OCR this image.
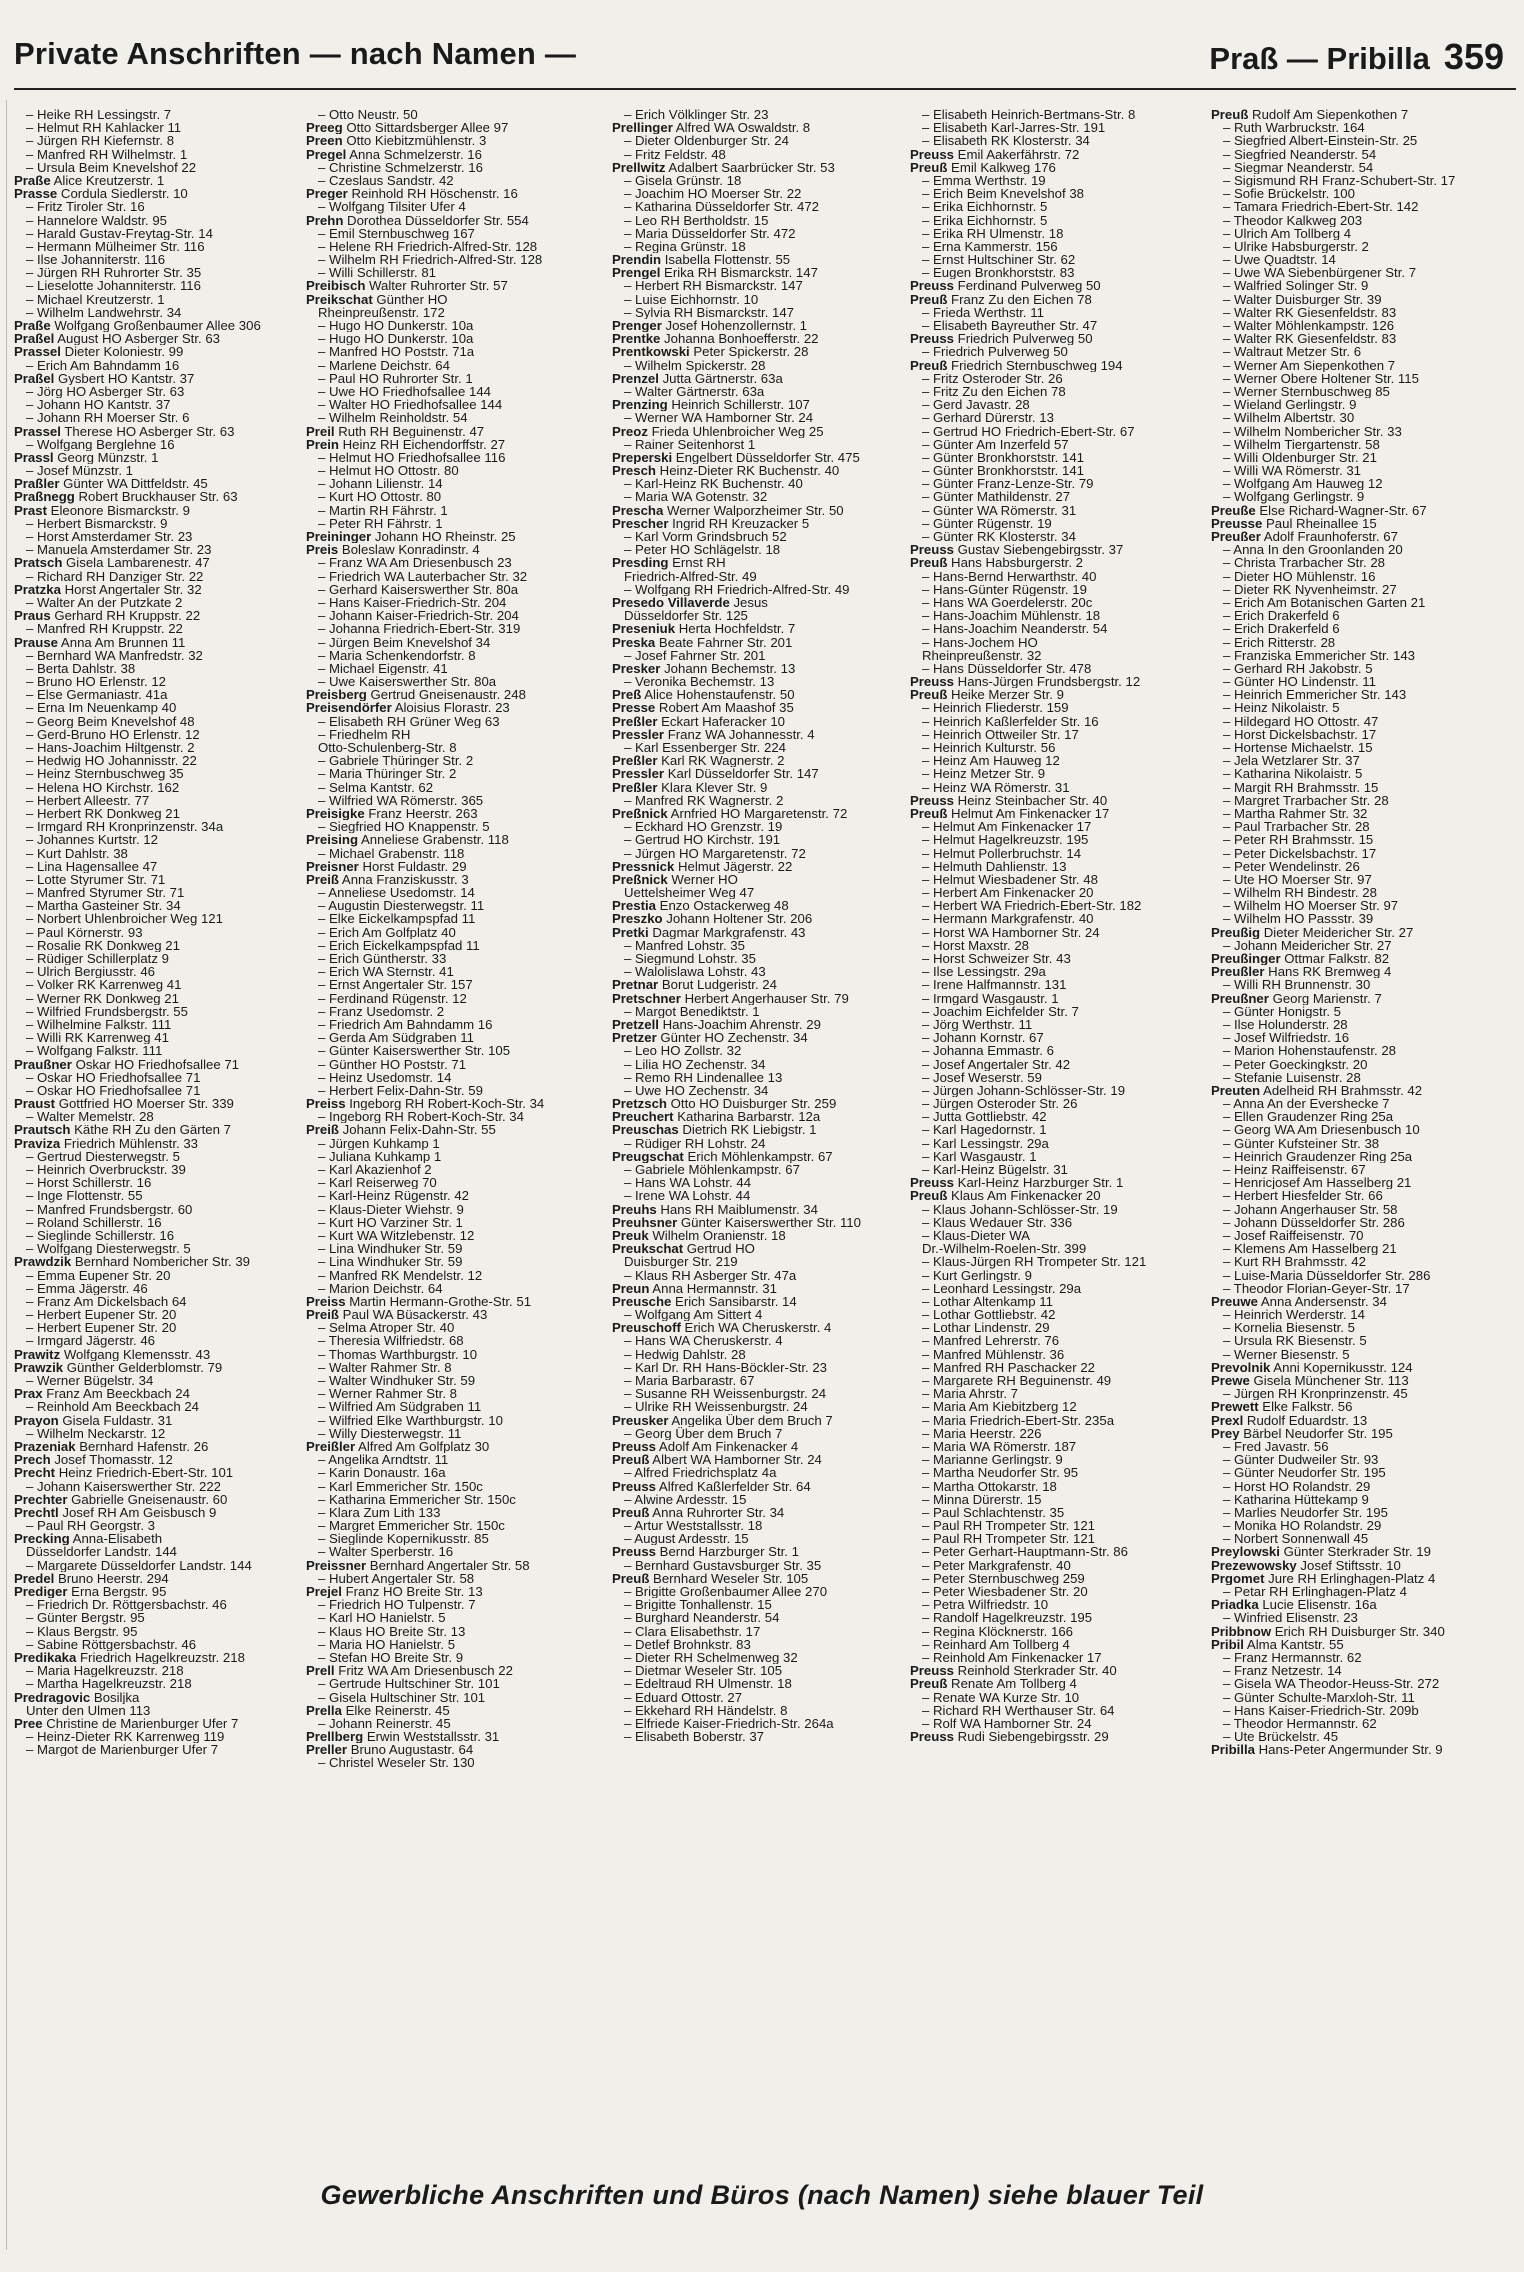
Private Anschriften — nach Namen —	Praß — Pribilla 359
– Heike RH Lessingstr. 7
– Helmut RH Kahlacker 11
– Jürgen RH Kiefernstr. 8
– Manfred RH Wilhelmstr. 1
– Ursula Beim Knevelshof 22
Praße Alice Kreutzerstr. 1
Prasse Cordula Siedlerstr. 10
– Fritz Tiroler Str. 16
– Hannelore Waldstr. 95
– Harald Gustav-Freytag-Str. 14
– Hermann Mülheimer Str. 116
– Ilse Johanniterstr. 116
– Jürgen RH Ruhrorter Str. 35
– Lieselotte Johanniterstr. 116
– Michael Kreutzerstr. 1
– Wilhelm Landwehrstr. 34
Praße Wolfgang Großenbaumer Allee 306
Praßel August HO Asberger Str. 63
Prassel Dieter Koloniestr. 99
– Erich Am Bahndamm 16
Praßel Gysbert HO Kantstr. 37
– Jörg HO Asberger Str. 63
– Johann HO Kantstr. 37
– Johann RH Moerser Str. 6
Prassel Therese HO Asberger Str. 63
– Wolfgang Berglehne 16
Prassl Georg Münzstr. 1
– Josef Münzstr. 1
Praßler Günter WA Dittfeldstr. 45
Praßnegg Robert Bruckhauser Str. 63
Prast Eleonore Bismarckstr. 9
– Herbert Bismarckstr. 9
– Horst Amsterdamer Str. 23
– Manuela Amsterdamer Str. 23
Pratsch Gisela Lambarenestr. 47
– Richard RH Danziger Str. 22
Pratzka Horst Angertaler Str. 32
– Walter An der Putzkate 2
Praus Gerhard RH Kruppstr. 22
– Manfred RH Kruppstr. 22
Prause Anna Am Brunnen 11
– Bernhard WA Manfredstr. 32
– Berta Dahlstr. 38
– Bruno HO Erlenstr. 12
– Else Germaniastr. 41a
– Erna Im Neuenkamp 40
– Georg Beim Knevelshof 48
– Gerd-Bruno HO Erlenstr. 12
– Hans-Joachim Hiltgenstr. 2
– Hedwig HO Johannisstr. 22
– Heinz Sternbuschweg 35
– Helena HO Kirchstr. 162
– Herbert Alleestr. 77
– Herbert RK Donkweg 21
– Irmgard RH Kronprinzenstr. 34a
– Johannes Kurtstr. 12
– Kurt Dahlstr. 38
– Lina Hagensallee 47
– Lotte Styrumer Str. 71
– Manfred Styrumer Str. 71
– Martha Gasteiner Str. 34
– Norbert Uhlenbroicher Weg 121
– Paul Körnerstr. 93
– Rosalie RK Donkweg 21
– Rüdiger Schillerplatz 9
– Ulrich Bergiusstr. 46
– Volker RK Karrenweg 41
– Werner RK Donkweg 21
– Wilfried Frundsbergstr. 55
– Wilhelmine Falkstr. 111
– Willi RK Karrenweg 41
– Wolfgang Falkstr. 111
Praußner Oskar HO Friedhofsallee 71
– Oskar HO Friedhofsallee 71
– Oskar HO Friedhofsallee 71
Praust Gottfried HO Moerser Str. 339
– Walter Memelstr. 28
Prautsch Käthe RH Zu den Gärten 7
Praviza Friedrich Mühlenstr. 33
– Gertrud Diesterwegstr. 5
– Heinrich Overbruckstr. 39
– Horst Schillerstr. 16
– Inge Flottenstr. 55
– Manfred Frundsbergstr. 60
– Roland Schillerstr. 16
– Sieglinde Schillerstr. 16
– Wolfgang Diesterwegstr. 5
Prawdzik Bernhard Nombericher Str. 39
– Emma Eupener Str. 20
– Emma Jägerstr. 46
– Franz Am Dickelsbach 64
– Herbert Eupener Str. 20
– Herbert Eupener Str. 20
– Irmgard Jägerstr. 46
Prawitz Wolfgang Klemensstr. 43
Prawzik Günther Gelderblomstr. 79
– Werner Bügelstr. 34
Prax Franz Am Beeckbach 24
– Reinhold Am Beeckbach 24
Prayon Gisela Fuldastr. 31
– Wilhelm Neckarstr. 12
Prazeniak Bernhard Hafenstr. 26
Prech Josef Thomasstr. 12
Precht Heinz Friedrich-Ebert-Str. 101
– Johann Kaiserswerther Str. 222
Prechter Gabrielle Gneisenaustr. 60
Prechtl Josef RH Am Geisbusch 9
– Paul RH Georgstr. 3
Precking Anna-Elisabeth
Düsseldorfer Landstr. 144
– Margarete Düsseldorfer Landstr. 144
Predel Bruno Heerstr. 294
Prediger Erna Bergstr. 95
– Friedrich Dr. Röttgersbachstr. 46
– Günter Bergstr. 95
– Klaus Bergstr. 95
– Sabine Röttgersbachstr. 46
Predikaka Friedrich Hagelkreuzstr. 218
– Maria Hagelkreuzstr. 218
– Martha Hagelkreuzstr. 218
Predragovic Bosiljka
Unter den Ulmen 113
Pree Christine de Marienburger Ufer 7
– Heinz-Dieter RK Karrenweg 119
– Margot de Marienburger Ufer 7
– Otto Neustr. 50
Preeg Otto Sittardsberger Allee 97
Preen Otto Kiebitzmühlenstr. 3
Pregel Anna Schmelzerstr. 16
– Christine Schmelzerstr. 16
– Czeslaus Sandstr. 42
Preger Reinhold RH Höschenstr. 16
– Wolfgang Tilsiter Ufer 4
Prehn Dorothea Düsseldorfer Str. 554
– Emil Sternbuschweg 167
– Helene RH Friedrich-Alfred-Str. 128
– Wilhelm RH Friedrich-Alfred-Str. 128
– Willi Schillerstr. 81
Preibisch Walter Ruhrorter Str. 57
Preikschat Günther HO
Rheinpreußenstr. 172
– Hugo HO Dunkerstr. 10a
– Hugo HO Dunkerstr. 10a
– Manfred HO Poststr. 71a
– Marlene Deichstr. 64
– Paul HO Ruhrorter Str. 1
– Uwe HO Friedhofsallee 144
– Walter HO Friedhofsallee 144
– Wilhelm Reinholdstr. 54
Preil Ruth RH Beguinenstr. 47
Prein Heinz RH Eichendorffstr. 27
– Helmut HO Friedhofsallee 116
– Helmut HO Ottostr. 80
– Johann Lilienstr. 14
– Kurt HO Ottostr. 80
– Martin RH Fährstr. 1
– Peter RH Fährstr. 1
Preininger Johann HO Rheinstr. 25
Preis Boleslaw Konradinstr. 4
– Franz WA Am Driesenbusch 23
– Friedrich WA Lauterbacher Str. 32
– Gerhard Kaiserswerther Str. 80a
– Hans Kaiser-Friedrich-Str. 204
– Johann Kaiser-Friedrich-Str. 204
– Johanna Friedrich-Ebert-Str. 319
– Jürgen Beim Knevelshof 34
– Maria Schenkendorfstr. 8
– Michael Eigenstr. 41
– Uwe Kaiserswerther Str. 80a
Preisberg Gertrud Gneisenaustr. 248
Preisendörfer Aloisius Florastr. 23
– Elisabeth RH Grüner Weg 63
– Friedhelm RH
Otto-Schulenberg-Str. 8
– Gabriele Thüringer Str. 2
– Maria Thüringer Str. 2
– Selma Kantstr. 62
– Wilfried WA Römerstr. 365
Preisigke Franz Heerstr. 263
– Siegfried HO Knappenstr. 5
Preising Anneliese Grabenstr. 118
– Michael Grabenstr. 118
Preisner Horst Fuldastr. 29
Preiß Anna Franziskusstr. 3
– Anneliese Usedomstr. 14
– Augustin Diesterwegstr. 11
– Elke Eickelkampspfad 11
– Erich Am Golfplatz 40
– Erich Eickelkampspfad 11
– Erich Güntherstr. 33
– Erich WA Sternstr. 41
– Ernst Angertaler Str. 157
– Ferdinand Rügenstr. 12
– Franz Usedomstr. 2
– Friedrich Am Bahndamm 16
– Gerda Am Südgraben 11
– Günter Kaiserswerther Str. 105
– Günther HO Poststr. 71
– Heinz Usedomstr. 14
– Herbert Felix-Dahn-Str. 59
Preiss Ingeborg RH Robert-Koch-Str. 34
– Ingeborg RH Robert-Koch-Str. 34
Preiß Johann Felix-Dahn-Str. 55
– Jürgen Kuhkamp 1
– Juliana Kuhkamp 1
– Karl Akazienhof 2
– Karl Reiserweg 70
– Karl-Heinz Rügenstr. 42
– Klaus-Dieter Wiehstr. 9
– Kurt HO Varziner Str. 1
– Kurt WA Witzlebenstr. 12
– Lina Windhuker Str. 59
– Lina Windhuker Str. 59
– Manfred RK Mendelstr. 12
– Marion Deichstr. 64
Preiss Martin Hermann-Grothe-Str. 51
Preiß Paul WA Büsackerstr. 43
– Selma Atroper Str. 40
– Theresia Wilfriedstr. 68
– Thomas Warthburgstr. 10
– Walter Rahmer Str. 8
– Walter Windhuker Str. 59
– Werner Rahmer Str. 8
– Wilfried Am Südgraben 11
– Wilfried Elke Warthburgstr. 10
– Willy Diesterwegstr. 11
Preißler Alfred Am Golfplatz 30
– Angelika Arndtstr. 11
– Karin Donaustr. 16a
– Karl Emmericher Str. 150c
– Katharina Emmericher Str. 150c
– Klara Zum Lith 133
– Margret Emmericher Str. 150c
– Sieglinde Kopernikusstr. 85
– Walter Sperberstr. 16
Preissner Bernhard Angertaler Str. 58
– Hubert Angertaler Str. 58
Prejel Franz HO Breite Str. 13
– Friedrich HO Tulpenstr. 7
– Karl HO Hanielstr. 5
– Klaus HO Breite Str. 13
– Maria HO Hanielstr. 5
– Stefan HO Breite Str. 9
Prell Fritz WA Am Driesenbusch 22
– Gertrude Hultschiner Str. 101
– Gisela Hultschiner Str. 101
Prella Elke Reinerstr. 45
– Johann Reinerstr. 45
Prellberg Erwin Weststallsstr. 31
Preller Bruno Augustastr. 64
– Christel Weseler Str. 130
– Erich Völklinger Str. 23
Prellinger Alfred WA Oswaldstr. 8
– Dieter Oldenburger Str. 24
– Fritz Feldstr. 48
Prellwitz Adalbert Saarbrücker Str. 53
– Gisela Grünstr. 18
– Joachim HO Moerser Str. 22
– Katharina Düsseldorfer Str. 472
– Leo RH Bertholdstr. 15
– Maria Düsseldorfer Str. 472
– Regina Grünstr. 18
Prendin Isabella Flottenstr. 55
Prengel Erika RH Bismarckstr. 147
– Herbert RH Bismarckstr. 147
– Luise Eichhornstr. 10
– Sylvia RH Bismarckstr. 147
Prenger Josef Hohenzollernstr. 1
Prentke Johanna Bonhoefferstr. 22
Prentkowski Peter Spickerstr. 28
– Wilhelm Spickerstr. 28
Prenzel Jutta Gärtnerstr. 63a
– Walter Gärtnerstr. 63a
Prenzing Heinrich Schillerstr. 107
– Werner WA Hamborner Str. 24
Preoz Frieda Uhlenbroicher Weg 25
– Rainer Seitenhorst 1
Preperski Engelbert Düsseldorfer Str. 475
Presch Heinz-Dieter RK Buchenstr. 40
– Karl-Heinz RK Buchenstr. 40
– Maria WA Gotenstr. 32
Prescha Werner Walporzheimer Str. 50
Prescher Ingrid RH Kreuzacker 5
– Karl Vorm Grindsbruch 52
– Peter HO Schlägelstr. 18
Presding Ernst RH
Friedrich-Alfred-Str. 49
– Wolfgang RH Friedrich-Alfred-Str. 49
Presedo Villaverde Jesus
Düsseldorfer Str. 125
Preseniuk Herta Hochfeldstr. 7
Preska Beate Fahrner Str. 201
– Josef Fahrner Str. 201
Presker Johann Bechemstr. 13
– Veronika Bechemstr. 13
Preß Alice Hohenstaufenstr. 50
Presse Robert Am Maashof 35
Preßler Eckart Haferacker 10
Pressler Franz WA Johannesstr. 4
– Karl Essenberger Str. 224
Preßler Karl RK Wagnerstr. 2
Pressler Karl Düsseldorfer Str. 147
Preßler Klara Klever Str. 9
– Manfred RK Wagnerstr. 2
Preßnick Arnfried HO Margaretenstr. 72
– Eckhard HO Grenzstr. 19
– Gertrud HO Kirchstr. 191
– Jürgen HO Margaretenstr. 72
Pressnick Helmut Jägerstr. 22
Preßnick Werner HO
Uettelsheimer Weg 47
Prestia Enzo Ostackerweg 48
Preszko Johann Holtener Str. 206
Pretki Dagmar Markgrafenstr. 43
– Manfred Lohstr. 35
– Siegmund Lohstr. 35
– Walolislawa Lohstr. 43
Pretnar Borut Ludgeristr. 24
Pretschner Herbert Angerhauser Str. 79
– Margot Benediktstr. 1
Pretzell Hans-Joachim Ahrenstr. 29
Pretzer Günter HO Zechenstr. 34
– Leo HO Zollstr. 32
– Lilia HO Zechenstr. 34
– Remo RH Lindenallee 13
– Uwe HO Zechenstr. 34
Pretzsch Otto HO Duisburger Str. 259
Preuchert Katharina Barbarstr. 12a
Preuschas Dietrich RK Liebigstr. 1
– Rüdiger RH Lohstr. 24
Preugschat Erich Möhlenkampstr. 67
– Gabriele Möhlenkampstr. 67
– Hans WA Lohstr. 44
– Irene WA Lohstr. 44
Preuhs Hans RH Maiblumenstr. 34
Preuhsner Günter Kaiserswerther Str. 110
Preuk Wilhelm Oranienstr. 18
Preukschat Gertrud HO
Duisburger Str. 219
– Klaus RH Asberger Str. 47a
Preun Anna Hermannstr. 31
Preusche Erich Sansibarstr. 14
– Wolfgang Am Sittert 4
Preuschoff Erich WA Cheruskerstr. 4
– Hans WA Cheruskerstr. 4
– Hedwig Dahlstr. 28
– Karl Dr. RH Hans-Böckler-Str. 23
– Maria Barbarastr. 67
– Susanne RH Weissenburgstr. 24
– Ulrike RH Weissenburgstr. 24
Preusker Angelika Über dem Bruch 7
– Georg Über dem Bruch 7
Preuss Adolf Am Finkenacker 4
Preuß Albert WA Hamborner Str. 24
– Alfred Friedrichsplatz 4a
Preuss Alfred Kaßlerfelder Str. 64
– Alwine Ardesstr. 15
Preuß Anna Ruhrorter Str. 34
– Artur Weststallsstr. 18
– August Ardesstr. 15
Preuss Bernd Harzburger Str. 1
– Bernhard Gustavsburger Str. 35
Preuß Bernhard Weseler Str. 105
– Brigitte Großenbaumer Allee 270
– Brigitte Tonhallenstr. 15
– Burghard Neanderstr. 54
– Clara Elisabethstr. 17
– Detlef Brohnkstr. 83
– Dieter RH Schelmenweg 32
– Dietmar Weseler Str. 105
– Edeltraud RH Ulmenstr. 18
– Eduard Ottostr. 27
– Ekkehard RH Händelstr. 8
– Elfriede Kaiser-Friedrich-Str. 264a
– Elisabeth Boberstr. 37
– Elisabeth Heinrich-Bertmans-Str. 8
– Elisabeth Karl-Jarres-Str. 191
– Elisabeth RK Klosterstr. 34
Preuss Emil Aakerfährstr. 72
Preuß Emil Kalkweg 176
– Emma Werthstr. 19
– Erich Beim Knevelshof 38
– Erika Eichhornstr. 5
– Erika Eichhornstr. 5
– Erika RH Ulmenstr. 18
– Erna Kammerstr. 156
– Ernst Hultschiner Str. 62
– Eugen Bronkhorststr. 83
Preuss Ferdinand Pulverweg 50
Preuß Franz Zu den Eichen 78
– Frieda Werthstr. 11
– Elisabeth Bayreuther Str. 47
Preuss Friedrich Pulverweg 50
– Friedrich Pulverweg 50
Preuß Friedrich Sternbuschweg 194
– Fritz Osteroder Str. 26
– Fritz Zu den Eichen 78
– Gerd Javastr. 28
– Gerhard Dürerstr. 13
– Gertrud HO Friedrich-Ebert-Str. 67
– Günter Am Inzerfeld 57
– Günter Bronkhorststr. 141
– Günter Bronkhorststr. 141
– Günter Franz-Lenze-Str. 79
– Günter Mathildenstr. 27
– Günter WA Römerstr. 31
– Günter Rügenstr. 19
– Günter RK Klosterstr. 34
Preuss Gustav Siebengebirgsstr. 37
Preuß Hans Habsburgerstr. 2
– Hans-Bernd Herwarthstr. 40
– Hans-Günter Rügenstr. 19
– Hans WA Goerdelerstr. 20c
– Hans-Joachim Mühlenstr. 18
– Hans-Joachim Neanderstr. 54
– Hans-Jochem HO
Rheinpreußenstr. 32
– Hans Düsseldorfer Str. 478
Preuss Hans-Jürgen Frundsbergstr. 12
Preuß Heike Merzer Str. 9
– Heinrich Fliederstr. 159
– Heinrich Kaßlerfelder Str. 16
– Heinrich Ottweiler Str. 17
– Heinrich Kulturstr. 56
– Heinz Am Hauweg 12
– Heinz Metzer Str. 9
– Heinz WA Römerstr. 31
Preuss Heinz Steinbacher Str. 40
Preuß Helmut Am Finkenacker 17
– Helmut Am Finkenacker 17
– Helmut Hagelkreuzstr. 195
– Helmut Pollerbruchstr. 14
– Helmuth Dahlienstr. 13
– Helmut Wiesbadener Str. 48
– Herbert Am Finkenacker 20
– Herbert WA Friedrich-Ebert-Str. 182
– Hermann Markgrafenstr. 40
– Horst WA Hamborner Str. 24
– Horst Maxstr. 28
– Horst Schweizer Str. 43
– Ilse Lessingstr. 29a
– Irene Halfmannstr. 131
– Irmgard Wasgaustr. 1
– Joachim Eichfelder Str. 7
– Jörg Werthstr. 11
– Johann Kornstr. 67
– Johanna Emmastr. 6
– Josef Angertaler Str. 42
– Josef Weserstr. 59
– Jürgen Johann-Schlösser-Str. 19
– Jürgen Osteroder Str. 26
– Jutta Gottliebstr. 42
– Karl Hagedornstr. 1
– Karl Lessingstr. 29a
– Karl Wasgaustr. 1
– Karl-Heinz Bügelstr. 31
Preuss Karl-Heinz Harzburger Str. 1
Preuß Klaus Am Finkenacker 20
– Klaus Johann-Schlösser-Str. 19
– Klaus Wedauer Str. 336
– Klaus-Dieter WA
Dr.-Wilhelm-Roelen-Str. 399
– Klaus-Jürgen RH Trompeter Str. 121
– Kurt Gerlingstr. 9
– Leonhard Lessingstr. 29a
– Lothar Altenkamp 11
– Lothar Gottliebstr. 42
– Lothar Lindenstr. 29
– Manfred Lehrerstr. 76
– Manfred Mühlenstr. 36
– Manfred RH Paschacker 22
– Margarete RH Beguinenstr. 49
– Maria Ahrstr. 7
– Maria Am Kiebitzberg 12
– Maria Friedrich-Ebert-Str. 235a
– Maria Heerstr. 226
– Maria WA Römerstr. 187
– Marianne Gerlingstr. 9
– Martha Neudorfer Str. 95
– Martha Ottokarstr. 18
– Minna Dürerstr. 15
– Paul Schlachtenstr. 35
– Paul RH Trompeter Str. 121
– Paul RH Trompeter Str. 121
– Peter Gerhart-Hauptmann-Str. 86
– Peter Markgrafenstr. 40
– Peter Sternbuschweg 259
– Peter Wiesbadener Str. 20
– Petra Wilfriedstr. 10
– Randolf Hagelkreuzstr. 195
– Regina Klöcknerstr. 166
– Reinhard Am Tollberg 4
– Reinhold Am Finkenacker 17
Preuss Reinhold Sterkrader Str. 40
Preuß Renate Am Tollberg 4
– Renate WA Kurze Str. 10
– Richard RH Werthauser Str. 64
– Rolf WA Hamborner Str. 24
Preuss Rudi Siebengebirgsstr. 29
Preuß Rudolf Am Siepenkothen 7
– Ruth Warbruckstr. 164
– Siegfried Albert-Einstein-Str. 25
– Siegfried Neanderstr. 54
– Siegmar Neanderstr. 54
– Sigismund RH Franz-Schubert-Str. 17
– Sofie Brückelstr. 100
– Tamara Friedrich-Ebert-Str. 142
– Theodor Kalkweg 203
– Ulrich Am Tollberg 4
– Ulrike Habsburgerstr. 2
– Uwe Quadtstr. 14
– Uwe WA Siebenbürgener Str. 7
– Walfried Solinger Str. 9
– Walter Duisburger Str. 39
– Walter RK Giesenfeldstr. 83
– Walter Möhlenkampstr. 126
– Walter RK Giesenfeldstr. 83
– Waltraut Metzer Str. 6
– Werner Am Siepenkothen 7
– Werner Obere Holtener Str. 115
– Werner Sternbuschweg 85
– Wieland Gerlingstr. 9
– Wilhelm Albertstr. 30
– Wilhelm Nombericher Str. 33
– Wilhelm Tiergartenstr. 58
– Willi Oldenburger Str. 21
– Willi WA Römerstr. 31
– Wolfgang Am Hauweg 12
– Wolfgang Gerlingstr. 9
Preuße Else Richard-Wagner-Str. 67
Preusse Paul Rheinallee 15
Preußer Adolf Fraunhoferstr. 67
– Anna In den Groonlanden 20
– Christa Trarbacher Str. 28
– Dieter HO Mühlenstr. 16
– Dieter RK Nyvenheimstr. 27
– Erich Am Botanischen Garten 21
– Erich Drakerfeld 6
– Erich Drakerfeld 6
– Erich Ritterstr. 28
– Franziska Emmericher Str. 143
– Gerhard RH Jakobstr. 5
– Günter HO Lindenstr. 11
– Heinrich Emmericher Str. 143
– Heinz Nikolaistr. 5
– Hildegard HO Ottostr. 47
– Horst Dickelsbachstr. 17
– Hortense Michaelstr. 15
– Jela Wetzlarer Str. 37
– Katharina Nikolaistr. 5
– Margit RH Brahmsstr. 15
– Margret Trarbacher Str. 28
– Martha Rahmer Str. 32
– Paul Trarbacher Str. 28
– Peter RH Brahmsstr. 15
– Peter Dickelsbachstr. 17
– Peter Wendelinstr. 26
– Ute HO Moerser Str. 97
– Wilhelm RH Bindestr. 28
– Wilhelm HO Moerser Str. 97
– Wilhelm HO Passstr. 39
Preußig Dieter Meidericher Str. 27
– Johann Meidericher Str. 27
Preußinger Ottmar Falkstr. 82
Preußler Hans RK Bremweg 4
– Willi RH Brunnenstr. 30
Preußner Georg Marienstr. 7
– Günter Honigstr. 5
– Ilse Holunderstr. 28
– Josef Wilfriedstr. 16
– Marion Hohenstaufenstr. 28
– Peter Goeckingkstr. 20
– Stefanie Luisenstr. 28
Preuten Adelheid RH Brahmsstr. 42
– Anna An der Evershecke 7
– Ellen Graudenzer Ring 25a
– Georg WA Am Driesenbusch 10
– Günter Kufsteiner Str. 38
– Heinrich Graudenzer Ring 25a
– Heinz Raiffeisenstr. 67
– Henricjosef Am Hasselberg 21
– Herbert Hiesfelder Str. 66
– Johann Angerhauser Str. 58
– Johann Düsseldorfer Str. 286
– Josef Raiffeisenstr. 70
– Klemens Am Hasselberg 21
– Kurt RH Brahmsstr. 42
– Luise-Maria Düsseldorfer Str. 286
– Theodor Florian-Geyer-Str. 17
Preuwe Anna Andersenstr. 34
– Heinrich Werderstr. 14
– Kornelia Biesenstr. 5
– Ursula RK Biesenstr. 5
– Werner Biesenstr. 5
Prevolnik Anni Kopernikusstr. 124
Prewe Gisela Münchener Str. 113
– Jürgen RH Kronprinzenstr. 45
Prewett Elke Falkstr. 56
Prexl Rudolf Eduardstr. 13
Prey Bärbel Neudorfer Str. 195
– Fred Javastr. 56
– Günter Dudweiler Str. 93
– Günter Neudorfer Str. 195
– Horst HO Rolandstr. 29
– Katharina Hüttekamp 9
– Marlies Neudorfer Str. 195
– Monika HO Rolandstr. 29
– Norbert Sonnenwall 45
Preylowski Günter Sterkrader Str. 19
Prezewowsky Josef Stiftsstr. 10
Prgomet Jure RH Erlinghagen-Platz 4
– Petar RH Erlinghagen-Platz 4
Priadka Lucie Elisenstr. 16a
– Winfried Elisenstr. 23
Pribbnow Erich RH Duisburger Str. 340
Pribil Alma Kantstr. 55
– Franz Hermannstr. 62
– Franz Netzestr. 14
– Gisela WA Theodor-Heuss-Str. 272
– Günter Schulte-Marxloh-Str. 11
– Hans Kaiser-Friedrich-Str. 209b
– Theodor Hermannstr. 62
– Ute Brückelstr. 45
Pribilla Hans-Peter Angermunder Str. 9
Gewerbliche Anschriften und Büros (nach Namen) siehe blauer Teil
